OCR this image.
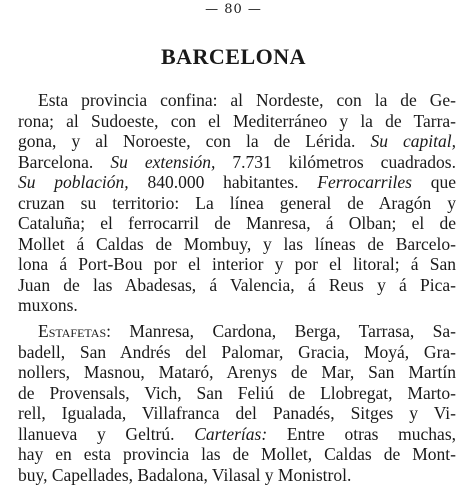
— 80 —
BARCELONA
Esta provincia confina: al Nordeste, con la de Ge-
rona; al Sudoeste, con el Mediterráneo y la de Tarra-
gona, y al Noroeste, con la de Lérida. Su capital,
Barcelona. Su extensión, 7.731 kilómetros cuadrados.
Su población, 840.000 habitantes. Ferrocarriles que
cruzan su territorio: La línea general de Aragón y
Cataluña; el ferrocarril de Manresa, á Olban; el de
Mollet á Caldas de Mombuy, y las líneas de Barcelo-
lona á Port-Bou por el interior y por el litoral; á San
Juan de las Abadesas, á Valencia, á Reus y á Pica-
muxons.
Estafetas: Manresa, Cardona, Berga, Tarrasa, Sa-
badell, San Andrés del Palomar, Gracia, Moyá, Gra-
nollers, Masnou, Mataró, Arenys de Mar, San Martín
de Provensals, Vich, San Feliú de Llobregat, Marto-
rell, Igualada, Villafranca del Panadés, Sitges y Vi-
llanueva y Geltrú. Carterías: Entre otras muchas,
hay en esta provincia las de Mollet, Caldas de Mont-
buy, Capellades, Badalona, Vilasal y Monistrol.
